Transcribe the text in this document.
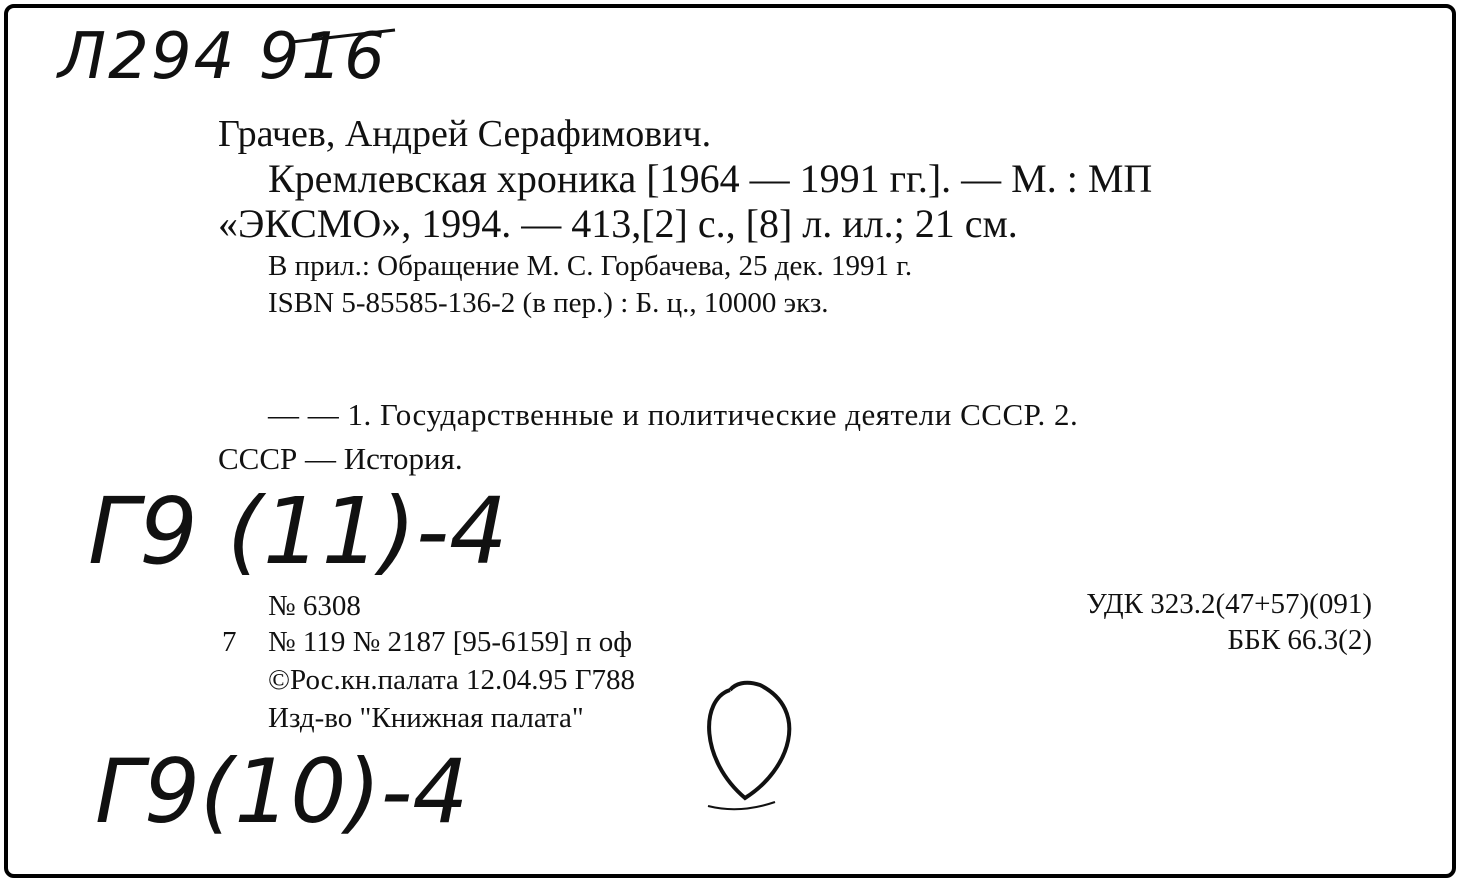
Л294 916

Грачев, Андрей Серафимович.

Кремлевская хроника [1964 — 1991 гг.]. — М. : МП

«ЭКСМО», 1994. — 413,[2] с., [8] л. ил.; 21 см.

В прил.: Обращение М. С. Горбачева, 25 дек. 1991 г.

ISBN 5-85585-136-2 (в пер.) : Б. ц., 10000 экз.

— — 1. Государственные и политические деятели СССР. 2.

СССР — История.

Г9 (11)-4

№ 6308

7 № 119 № 2187 [95-6159] п оф

©Рос.кн.палата 12.04.95 Г788

Изд-во "Книжная палата"

УДК 323.2(47+57)(091)

ББК 66.3(2)

Г9(10)-4
